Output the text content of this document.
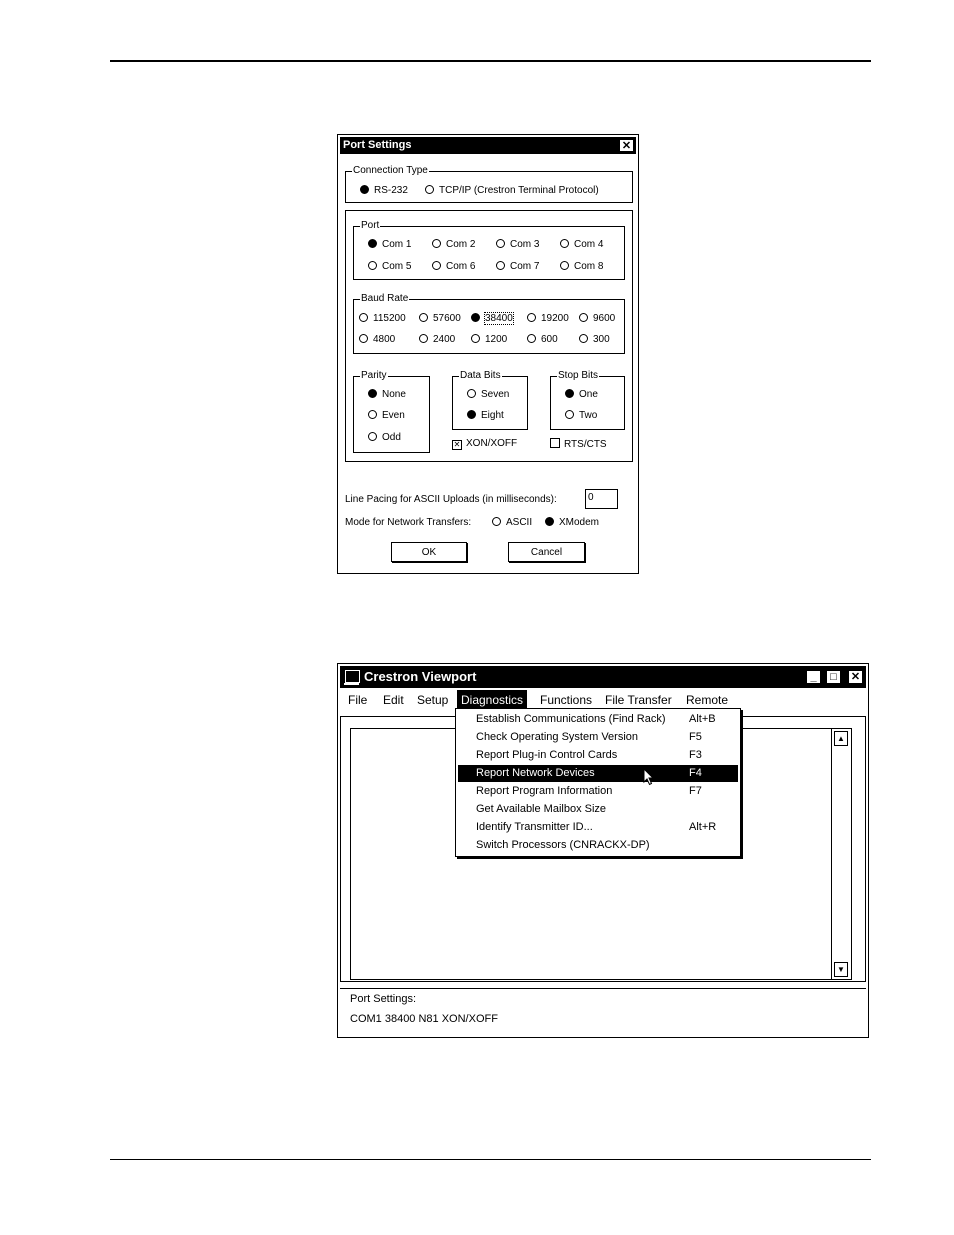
Port Settings	✕
Connection Type
RS-232	TCP/IP (Crestron Terminal Protocol)
Port
Com 1	Com 2	Com 3	Com 4
Com 5	Com 6	Com 7	Com 8
Baud Rate
115200	57600	38400	19200	9600
4800	2400	1200	600	300
Parity
None
Even
Odd
Data Bits
Seven
Eight
Stop Bits
One
Two
✕ XON/XOFF	RTS/CTS
Line Pacing for ASCII Uploads (in milliseconds):	0
Mode for Network Transfers:	ASCII	XModem
OK	Cancel
Crestron Viewport	_	□	✕
File	Edit	Setup	Diagnostics	Functions	File Transfer	Remote
▲
▼
Port Settings:
COM1 38400 N81 XON/XOFF
Establish Communications (Find Rack) Alt+B
Check Operating System Version	F5
Report Plug-in Control Cards	F3
Report Network Devices	F4
Report Program Information	F7
Get Available Mailbox Size
Identify Transmitter ID...	Alt+R
Switch Processors (CNRACKX-DP)
